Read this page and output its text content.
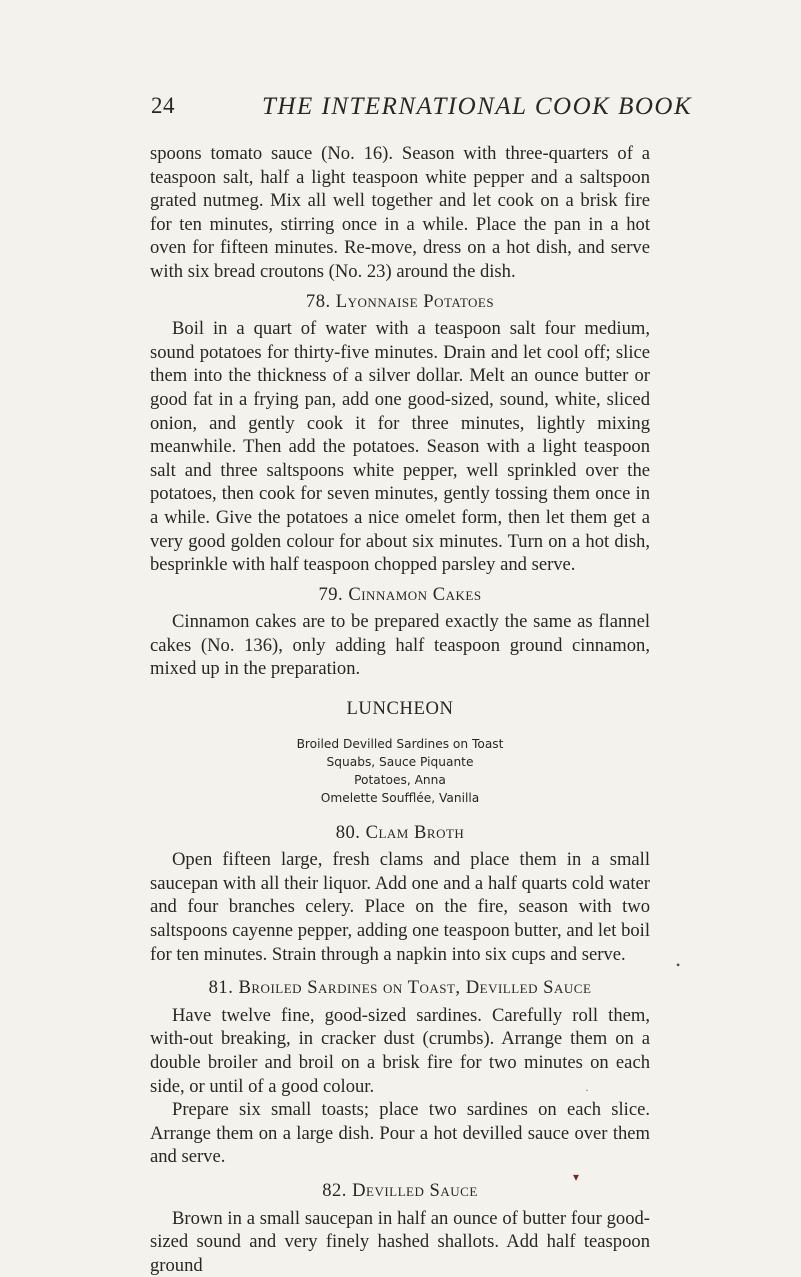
24	THE INTERNATIONAL COOK BOOK

spoons tomato sauce (No. 16). Season with three-quarters of a teaspoon salt, half a light teaspoon white pepper and a saltspoon grated nutmeg. Mix all well together and let cook on a brisk fire for ten minutes, stirring once in a while. Place the pan in a hot oven for fifteen minutes. Re-move, dress on a hot dish, and serve with six bread croutons (No. 23) around the dish.

78. Lyonnaise Potatoes

Boil in a quart of water with a teaspoon salt four medium, sound potatoes for thirty-five minutes. Drain and let cool off; slice them into the thickness of a silver dollar. Melt an ounce butter or good fat in a frying pan, add one good-sized, sound, white, sliced onion, and gently cook it for three minutes, lightly mixing meanwhile. Then add the potatoes. Season with a light teaspoon salt and three saltspoons white pepper, well sprinkled over the potatoes, then cook for seven minutes, gently tossing them once in a while. Give the potatoes a nice omelet form, then let them get a very good golden colour for about six minutes. Turn on a hot dish, besprinkle with half teaspoon chopped parsley and serve.

79. Cinnamon Cakes

Cinnamon cakes are to be prepared exactly the same as flannel cakes (No. 136), only adding half teaspoon ground cinnamon, mixed up in the preparation.

LUNCHEON
Broiled Devilled Sardines on Toast
Squabs, Sauce Piquante
Potatoes, Anna
Omelette Soufflée, Vanilla
80. Clam Broth

Open fifteen large, fresh clams and place them in a small saucepan with all their liquor. Add one and a half quarts cold water and four branches celery. Place on the fire, season with two saltspoons cayenne pepper, adding one teaspoon butter, and let boil for ten minutes. Strain through a napkin into six cups and serve.

81. Broiled Sardines on Toast, Devilled Sauce

Have twelve fine, good-sized sardines. Carefully roll them, with-out breaking, in cracker dust (crumbs). Arrange them on a double broiler and broil on a brisk fire for two minutes on each side, or until of a good colour.

Prepare six small toasts; place two sardines on each slice. Arrange them on a large dish. Pour a hot devilled sauce over them and serve.

82. Devilled Sauce

Brown in a small saucepan in half an ounce of butter four good-sized sound and very finely hashed shallots. Add half teaspoon ground

•
·
▾
